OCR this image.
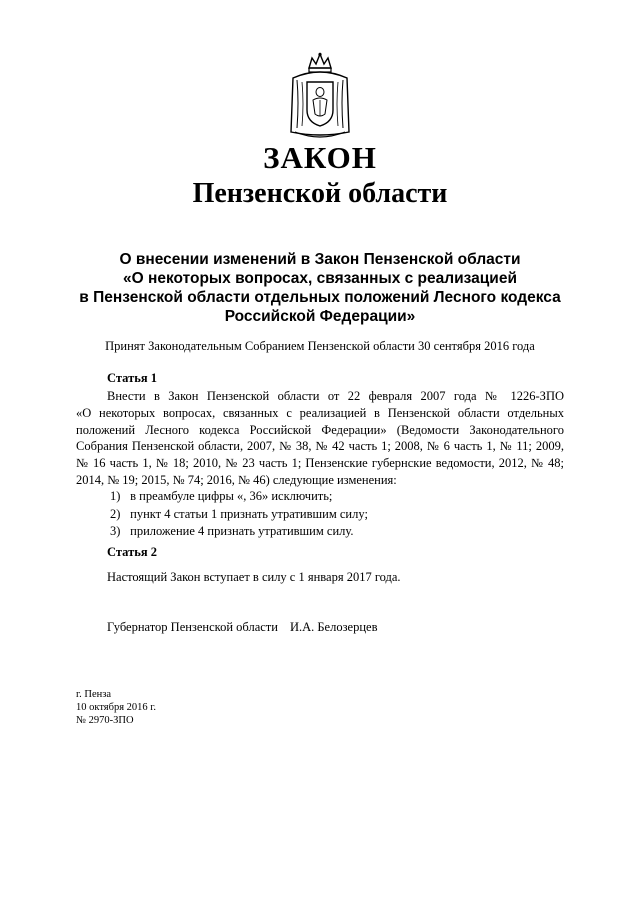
ЗАКОН
Пензенской области
О внесении изменений в Закон Пензенской области
«О некоторых вопросах, связанных с реализацией
в Пензенской области отдельных положений Лесного кодекса
Российской Федерации»
Принят Законодательным Собранием Пензенской области 30 сентября 2016 года
Статья 1
Внести в Закон Пензенской области от 22 февраля 2007 года № 1226-ЗПО
«О некоторых вопросах, связанных с реализацией в Пензенской области отдельных
положений Лесного кодекса Российской Федерации» (Ведомости Законодательного
Собрания Пензенской области, 2007, № 38, № 42 часть 1; 2008, № 6 часть 1, № 11; 2009,
№ 16 часть 1, № 18; 2010, № 23 часть 1; Пензенские губернские ведомости, 2012, № 48;
2014, № 19; 2015, № 74; 2016, № 46) следующие изменения:
1) в преамбуле цифры «, 36» исключить;
2) пункт 4 статьи 1 признать утратившим силу;
3) приложение 4 признать утратившим силу.
Статья 2
Настоящий Закон вступает в силу с 1 января 2017 года.
Губернатор Пензенской области И.А. Белозерцев
г. Пенза
10 октября 2016 г.
№ 2970-ЗПО
